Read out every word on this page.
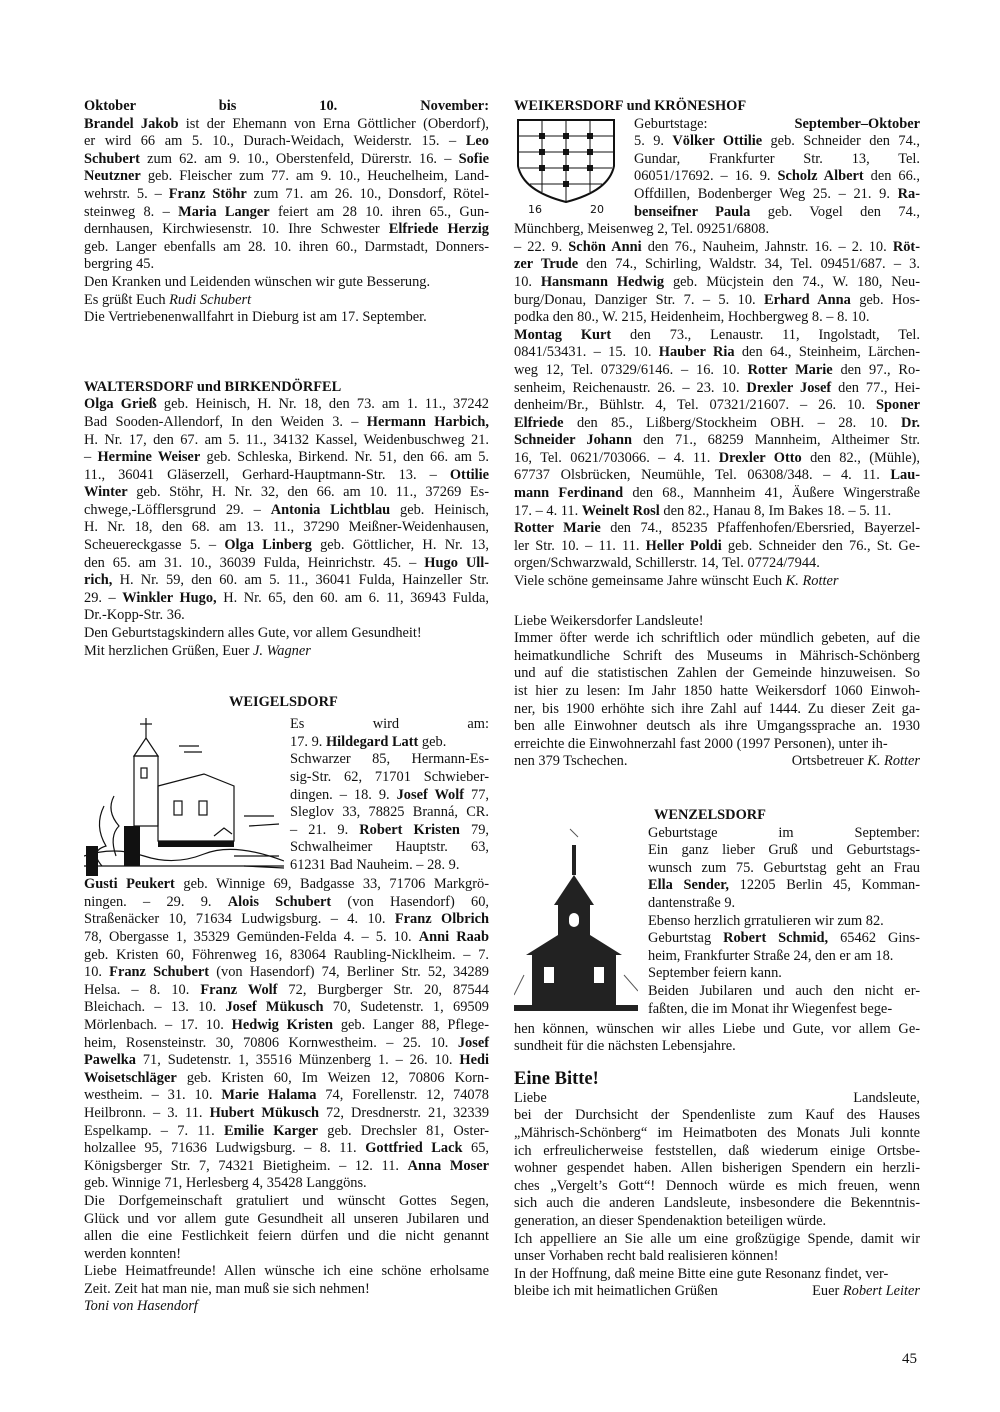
Oktober bis 10. November:
Brandel Jakob ist der Ehemann von Erna Göttlicher (Oberdorf),
er wird 66 am 5. 10., Durach-Weidach, Weiderstr. 15. – Leo
Schubert zum 62. am 9. 10., Oberstenfeld, Dürerstr. 16. – Sofie
Neutzner geb. Fleischer zum 77. am 9. 10., Heuchelheim, Land-
wehrstr. 5. – Franz Stöhr zum 71. am 26. 10., Donsdorf, Rötel-
steinweg 8. – Maria Langer feiert am 28 10. ihren 65., Gun-
dernhausen, Kirchwiesenstr. 10. Ihre Schwester Elfriede Herzig
geb. Langer ebenfalls am 28. 10. ihren 60., Darmstadt, Donners-
bergring 45.

Den Kranken und Leidenden wünschen wir gute Besserung.

Es grüßt Euch Rudi Schubert

Die Vertriebenenwallfahrt in Dieburg ist am 17. September.

WALTERSDORF und BIRKENDÖRFEL

Olga Grieß geb. Heinisch, H. Nr. 18, den 73. am 1. 11., 37242
Bad Sooden-Allendorf, In den Weiden 3. – Hermann Harbich,
H. Nr. 17, den 67. am 5. 11., 34132 Kassel, Weidenbuschweg 21.
– Hermine Weiser geb. Schleska, Birkend. Nr. 51, den 66. am 5.
11., 36041 Gläserzell, Gerhard-Hauptmann-Str. 13. – Ottilie
Winter geb. Stöhr, H. Nr. 32, den 66. am 10. 11., 37269 Es-
chwege,-Löfflersgrund 29. – Antonia Lichtblau geb. Heinisch,
H. Nr. 18, den 68. am 13. 11., 37290 Meißner-Weidenhausen,
Scheuereckgasse 5. – Olga Linberg geb. Göttlicher, H. Nr. 13,
den 65. am 31. 10., 36039 Fulda, Heinrichstr. 45. – Hugo Ull-
rich, H. Nr. 59, den 60. am 5. 11., 36041 Fulda, Hainzeller Str.
29. – Winkler Hugo, H. Nr. 65, den 60. am 6. 11, 36943 Fulda,
Dr.-Kopp-Str. 36.

Den Geburtstagskindern alles Gute, vor allem Gesundheit!

Mit herzlichen Grüßen, Euer J. Wagner

WEIGELSDORF

Es wird am:
17. 9. Hildegard Latt geb.
Schwarzer 85, Hermann-Es-
sig-Str. 62, 71701 Schwieber-
dingen. – 18. 9. Josef Wolf 77,
Sleglov 33, 78825 Branná, CR.
– 21. 9. Robert Kristen 79,
Schwalheimer Hauptstr. 63,
61231 Bad Nauheim. – 28. 9.
Gusti Peukert geb. Winnige 69, Badgasse 33, 71706 Markgrö-
ningen. – 29. 9. Alois Schubert (von Hasendorf) 60,
Straßenäcker 10, 71634 Ludwigsburg. – 4. 10. Franz Olbrich
78, Obergasse 1, 35329 Gemünden-Felda 4. – 5. 10. Anni Raab
geb. Kristen 60, Föhrenweg 16, 83064 Raubling-Nicklheim. – 7.
10. Franz Schubert (von Hasendorf) 74, Berliner Str. 52, 34289
Helsa. – 8. 10. Franz Wolf 72, Burgberger Str. 20, 87544
Bleichach. – 13. 10. Josef Mükusch 70, Sudetenstr. 1, 69509
Mörlenbach. – 17. 10. Hedwig Kristen geb. Langer 88, Pflege-
heim, Rosensteinstr. 30, 70806 Kornwestheim. – 25. 10. Josef
Pawelka 71, Sudetenstr. 1, 35516 Münzenberg 1. – 26. 10. Hedi
Woisetschläger geb. Kristen 60, Im Weizen 12, 70806 Korn-
westheim. – 31. 10. Marie Halama 74, Forellenstr. 12, 74078
Heilbronn. – 3. 11. Hubert Mükusch 72, Dresdnerstr. 21, 32339
Espelkamp. – 7. 11. Emilie Karger geb. Drechsler 81, Oster-
holzallee 95, 71636 Ludwigsburg. – 8. 11. Gottfried Lack 65,
Königsberger Str. 7, 74321 Bietigheim. – 12. 11. Anna Moser
geb. Winnige 71, Herlesberg 4, 35428 Langgöns.
Die Dorfgemeinschaft gratuliert und wünscht Gottes Segen,
Glück und vor allem gute Gesundheit all unseren Jubilaren und
allen die eine Festlichkeit feiern dürfen und die nicht genannt
werden konnten!
Liebe Heimatfreunde! Allen wünsche ich eine schöne erholsame
Zeit. Zeit hat man nie, man muß sie sich nehmen!

Toni von Hasendorf

WEIKERSDORF und KRÖNESHOF

16	20
Geburtstage: September–Oktober
5. 9. Völker Ottilie geb. Schneider den 74.,
Gundar, Frankfurter Str. 13, Tel.
06051/17692. – 16. 9. Scholz Albert den 66.,
Offdillen, Bodenberger Weg 25. – 21. 9. Ra-
benseifner Paula geb. Vogel den 74.,
Münchberg, Meisenweg 2, Tel. 09251/6808.
– 22. 9. Schön Anni den 76., Nauheim, Jahnstr. 16. – 2. 10. Röt-
zer Trude den 74., Schirling, Waldstr. 34, Tel. 09451/687. – 3.
10. Hansmann Hedwig geb. Mücjstein den 74., W. 180, Neu-
burg/Donau, Danziger Str. 7. – 5. 10. Erhard Anna geb. Hos-
podka den 80., W. 215, Heidenheim, Hochbergweg 8. – 8. 10.
Montag Kurt den 73., Lenaustr. 11, Ingolstadt, Tel.
0841/53431. – 15. 10. Hauber Ria den 64., Steinheim, Lärchen-
weg 12, Tel. 07329/6146. – 16. 10. Rotter Marie den 97., Ro-
senheim, Reichenaustr. 26. – 23. 10. Drexler Josef den 77., Hei-
denheim/Br., Bühlstr. 4, Tel. 07321/21607. – 26. 10. Sponer
Elfriede den 85., Lißberg/Stockheim OBH. – 28. 10. Dr.
Schneider Johann den 71., 68259 Mannheim, Altheimer Str.
16, Tel. 0621/703066. – 4. 11. Drexler Otto den 82., (Mühle),
67737 Olsbrücken, Neumühle, Tel. 06308/348. – 4. 11. Lau-
mann Ferdinand den 68., Mannheim 41, Äußere Wingerstraße
17. – 4. 11. Weinelt Rosl den 82., Hanau 8, Im Bakes 18. – 5. 11.
Rotter Marie den 74., 85235 Pfaffenhofen/Ebersried, Bayerzel-
ler Str. 10. – 11. 11. Heller Poldi geb. Schneider den 76., St. Ge-
orgen/Schwarzwald, Schillerstr. 14, Tel. 07724/7944.

Viele schöne gemeinsame Jahre wünscht Euch K. Rotter

Liebe Weikersdorfer Landsleute!
Immer öfter werde ich schriftlich oder mündlich gebeten, auf die
heimatkundliche Schrift des Museums in Mährisch-Schönberg
und auf die statistischen Zahlen der Gemeinde hinzuweisen. So
ist hier zu lesen: Im Jahr 1850 hatte Weikersdorf 1060 Einwoh-
ner, bis 1900 erhöhte sich ihre Zahl auf 1444. Zu dieser Zeit ga-
ben alle Einwohner deutsch als ihre Umgangssprache an. 1930
erreichte die Einwohnerzahl fast 2000 (1997 Personen), unter ih-

nen 379 Tschechen.	Ortsbetreuer K. Rotter

WENZELSDORF

Geburtstage im September:
Ein ganz lieber Gruß und Geburtstags-
wunsch zum 75. Geburtstag geht an Frau
Ella Sender, 12205 Berlin 45, Komman-
dantenstraße 9.
Ebenso herzlich grratulieren wir zum 82.
Geburtstag Robert Schmid, 65462 Gins-
heim, Frankfurter Straße 24, den er am 18.
September feiern kann.
Beiden Jubilaren und auch den nicht er-
faßten, die im Monat ihr Wiegenfest bege-
hen können, wünschen wir alles Liebe und Gute, vor allem Ge-
sundheit für die nächsten Lebensjahre.

Eine Bitte!

Liebe Landsleute,
bei der Durchsicht der Spendenliste zum Kauf des Hauses
„Mährisch-Schönberg“ im Heimatboten des Monats Juli konnte
ich erfreulicherweise feststellen, daß wiederum einige Ortsbe-
wohner gespendet haben. Allen bisherigen Spendern ein herzli-
ches „Vergelt’s Gott“! Dennoch würde es mich freuen, wenn
sich auch die anderen Landsleute, insbesondere die Bekenntnis-
generation, an dieser Spendenaktion beteiligen würde.
Ich appelliere an Sie alle um eine großzügige Spende, damit wir
unser Vorhaben recht bald realisieren können!
In der Hoffnung, daß meine Bitte eine gute Resonanz findet, ver-

bleibe ich mit heimatlichen Grüßen	Euer Robert Leiter

45
